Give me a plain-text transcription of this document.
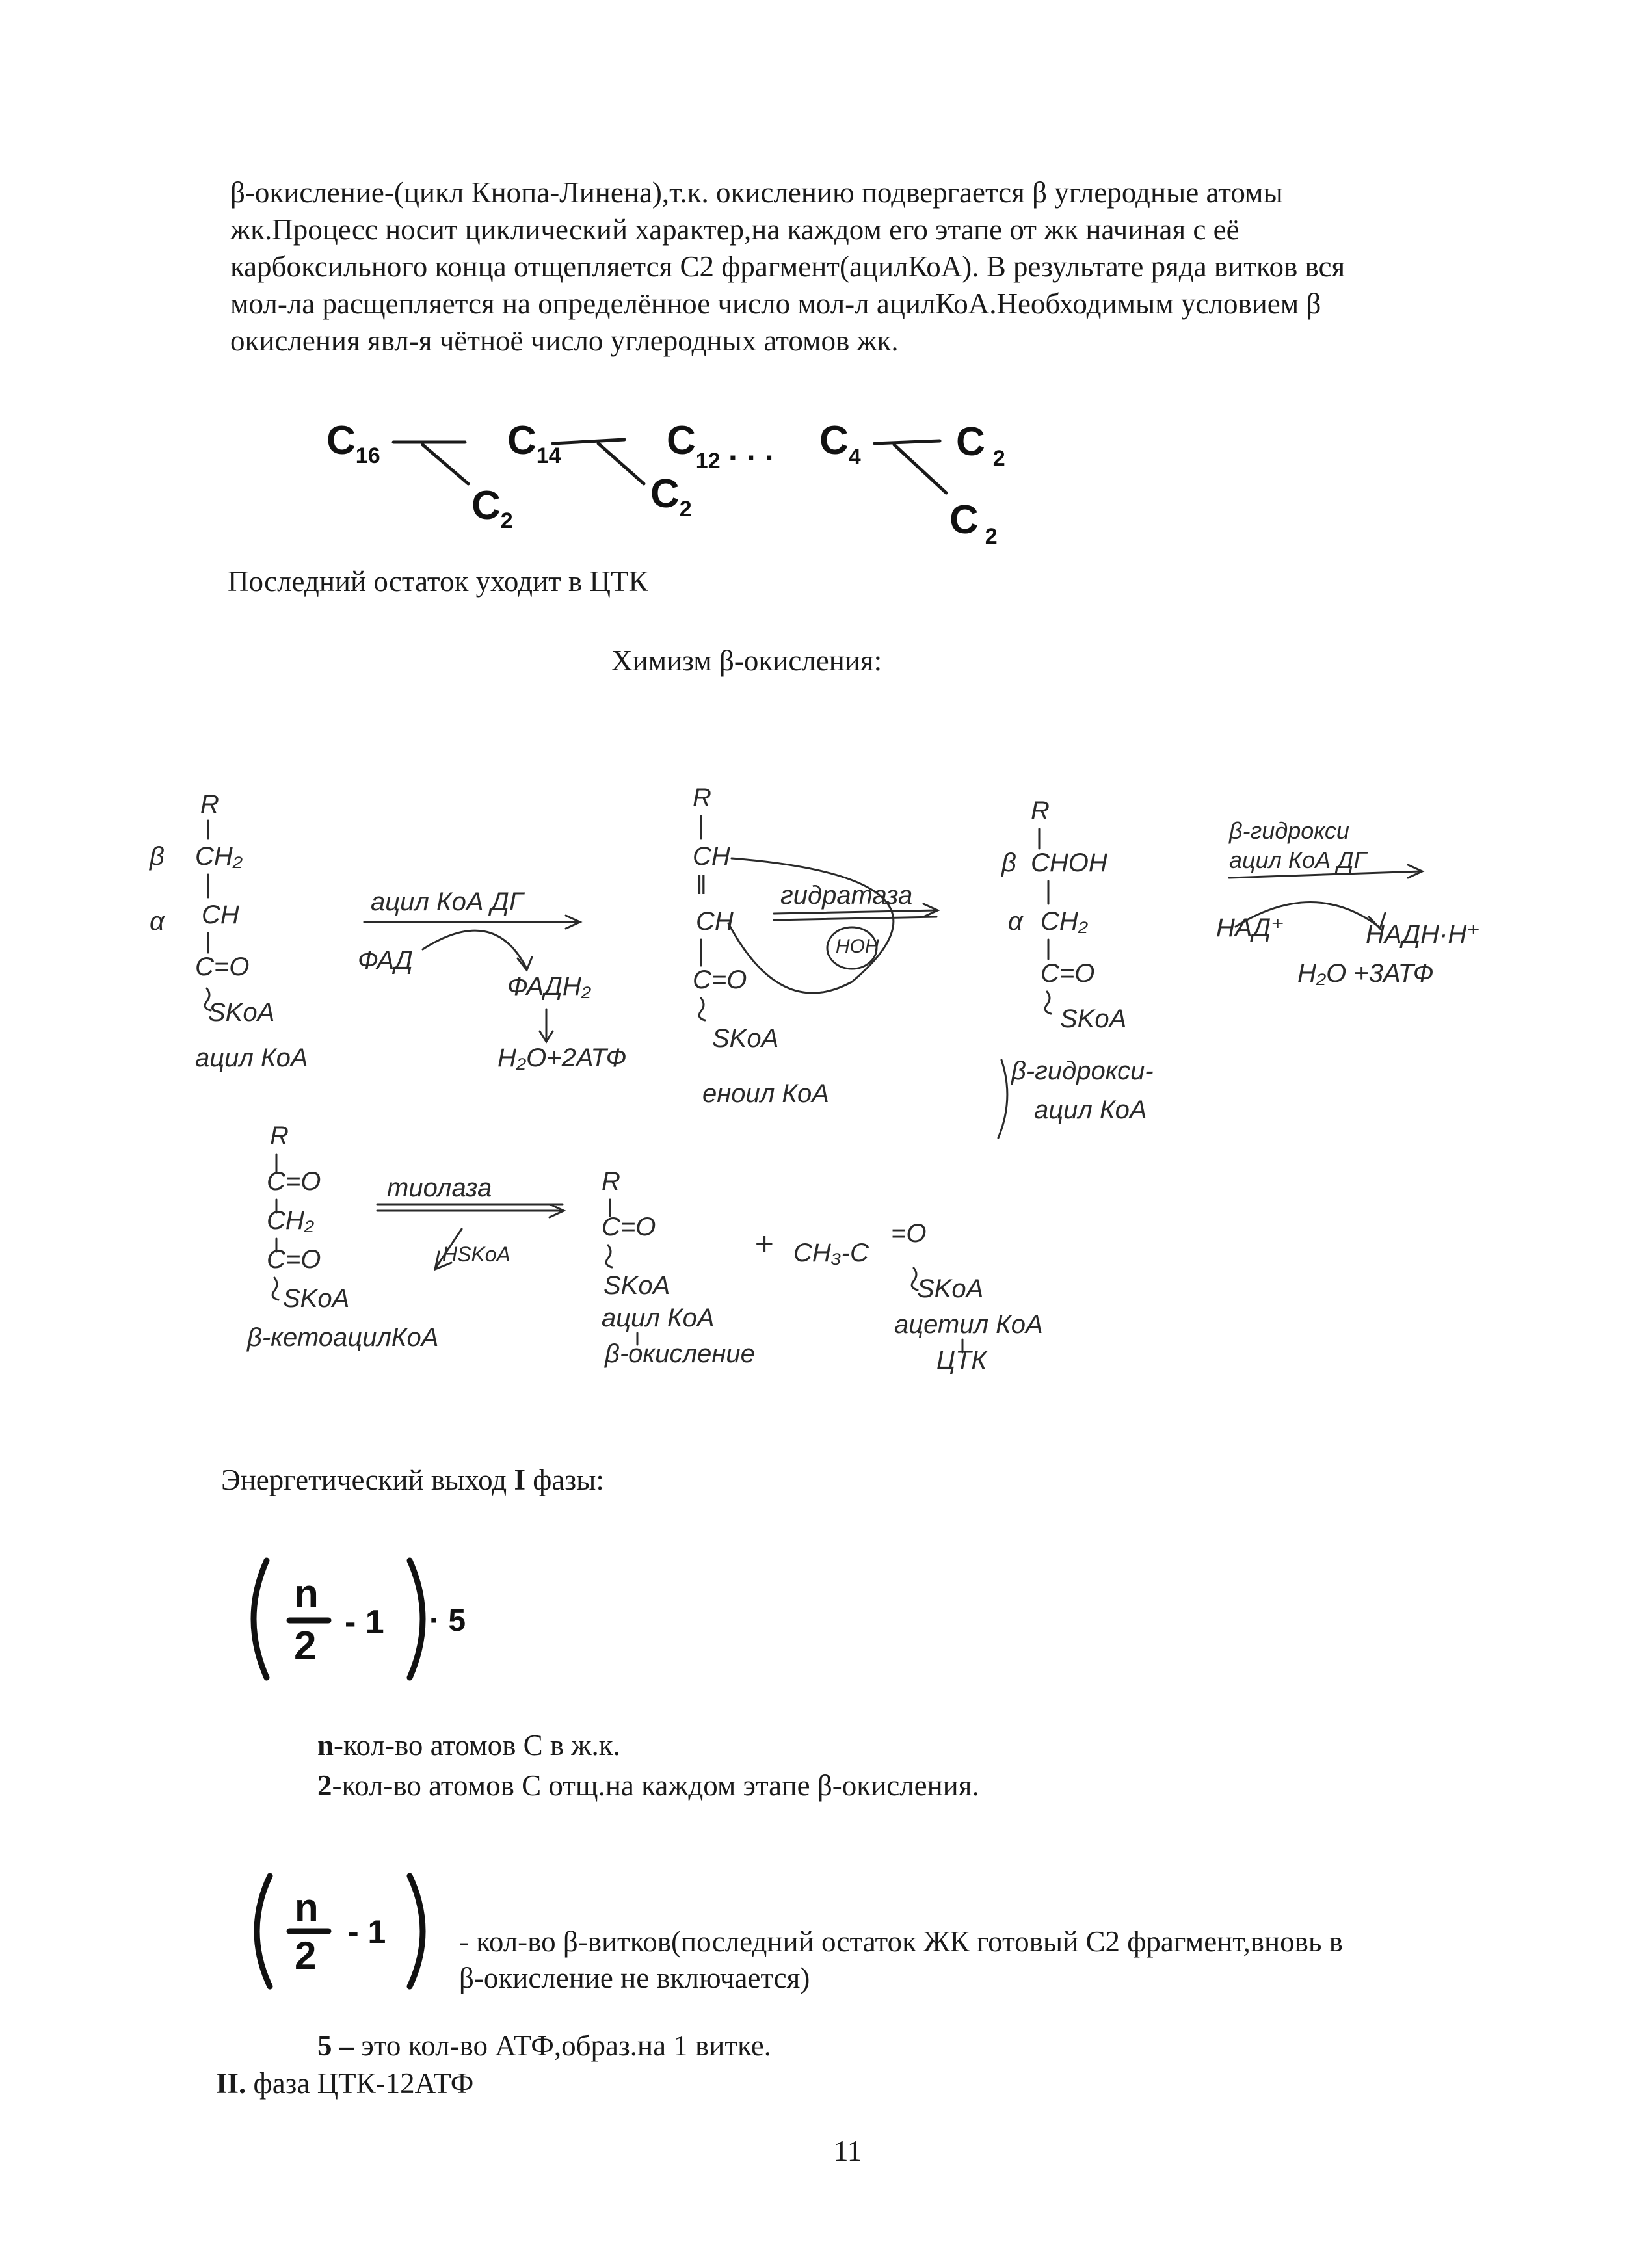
β-окисление-(цикл Кнопа-Линена),т.к. окислению подвергается β углеродные атомы
жк.Процесс носит циклический характер,на каждом его этапе от жк начиная с её
карбоксильного конца отщепляется С2 фрагмент(ацилКоА). В результате ряда витков вся
мол-ла расщепляется на определённое число мол-л ацилКоА.Необходимым условием β
окисления явл-я чётноё число углеродных атомов жк.
$C_{16}$	$C_{14}$	$C_{12}$ . . . $C_4$ C $_2$
$C_2$
$C_2$	C $_2$
Последний остаток уходит в ЦТК
Химизм β-окисления:
R
β CH₂
α CH
C=O
SKoA
ацил КоА
ацил КоА ДГ
ФАД
ФАДН₂
H₂O+2АТФ
R
CH
‖
CH
C=O
SKoA
еноил КоА
гидратаза
HOH
R
β CHOH
α CH₂
C=O
SKoA
β-гидрокси-
ацил КоА
β-гидрокси
ацил КоА ДГ
НАД⁺	НАДН·Н⁺
H₂O +3АТФ
R
C=O
CH₂
C=O
SKoA
β-кетоацилКоА
тиолаза
HSKoA
R
C=O
SKoA
ацил КоА
β-окисление
+ CH₃-C
=O
SKoA
ацетил КоА
ЦТК
Энергетический выход I фазы:
n
2
- 1 · 5
n-кол-во атомов С в ж.к.
2-кол-во атомов С отщ.на каждом этапе β-окисления.
n
2
- 1	- кол-во β-витков(последний остаток ЖК готовый С2 фрагмент,вновь в
β-окисление не включается)
5 – это кол-во АТФ,образ.на 1 витке.
II. фаза ЦТК-12АТФ
11
